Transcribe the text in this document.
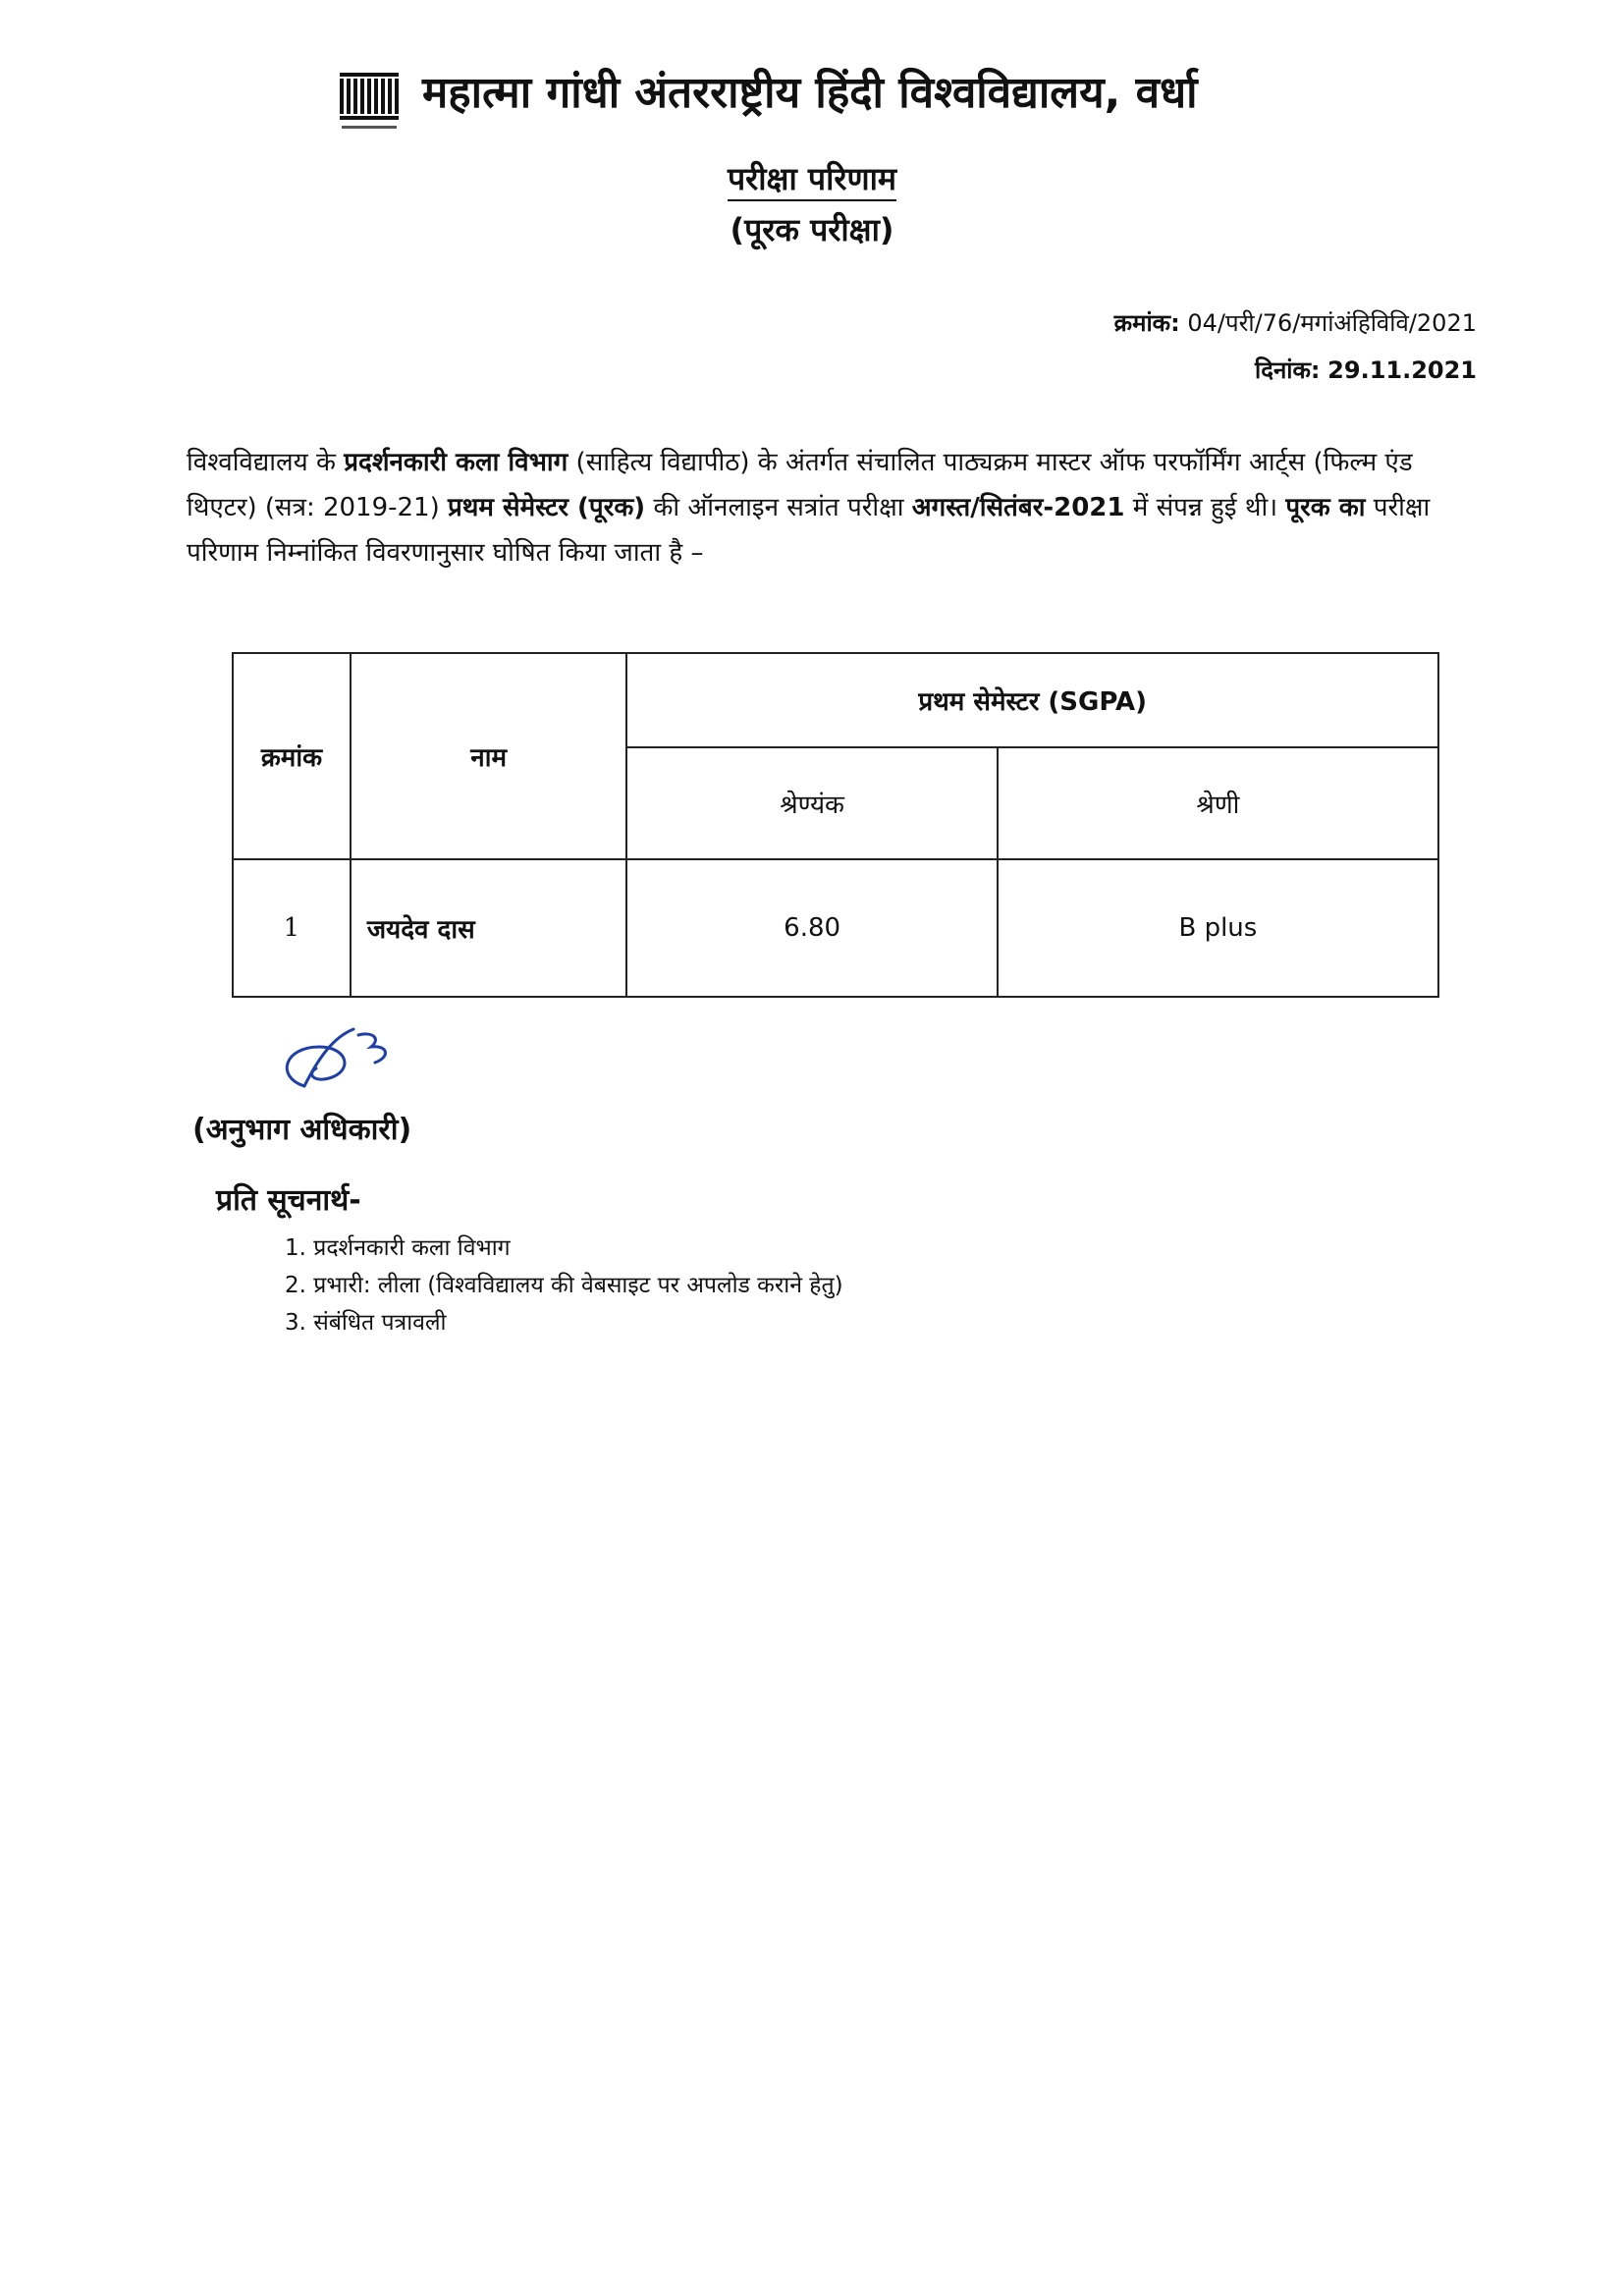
महात्मा गांधी अंतरराष्ट्रीय हिंदी विश्वविद्यालय, वर्धा
परीक्षा परिणाम
(पूरक परीक्षा)
क्रमांक: 04/परी/76/मगांअंहिविवि/2021
दिनांक: 29.11.2021
विश्वविद्यालय के प्रदर्शनकारी कला विभाग (साहित्य विद्यापीठ) के अंतर्गत संचालित पाठ्यक्रम मास्टर ऑफ परफॉर्मिंग आर्ट्स (फिल्म एंड थिएटर) (सत्र: 2019-21) प्रथम सेमेस्टर (पूरक) की ऑनलाइन सत्रांत परीक्षा अगस्त/सितंबर-2021 में संपन्न हुई थी। पूरक का परीक्षा परिणाम निम्नांकित विवरणानुसार घोषित किया जाता है –
क्रमांक	नाम	प्रथम सेमेस्टर (SGPA)	
		श्रेण्यंक	श्रेणी
1	जयदेव दास	6.80	B plus
(अनुभाग अधिकारी)
प्रति सूचनार्थ-
1. प्रदर्शनकारी कला विभाग
2. प्रभारी: लीला (विश्वविद्यालय की वेबसाइट पर अपलोड कराने हेतु)
3. संबंधित पत्रावली
